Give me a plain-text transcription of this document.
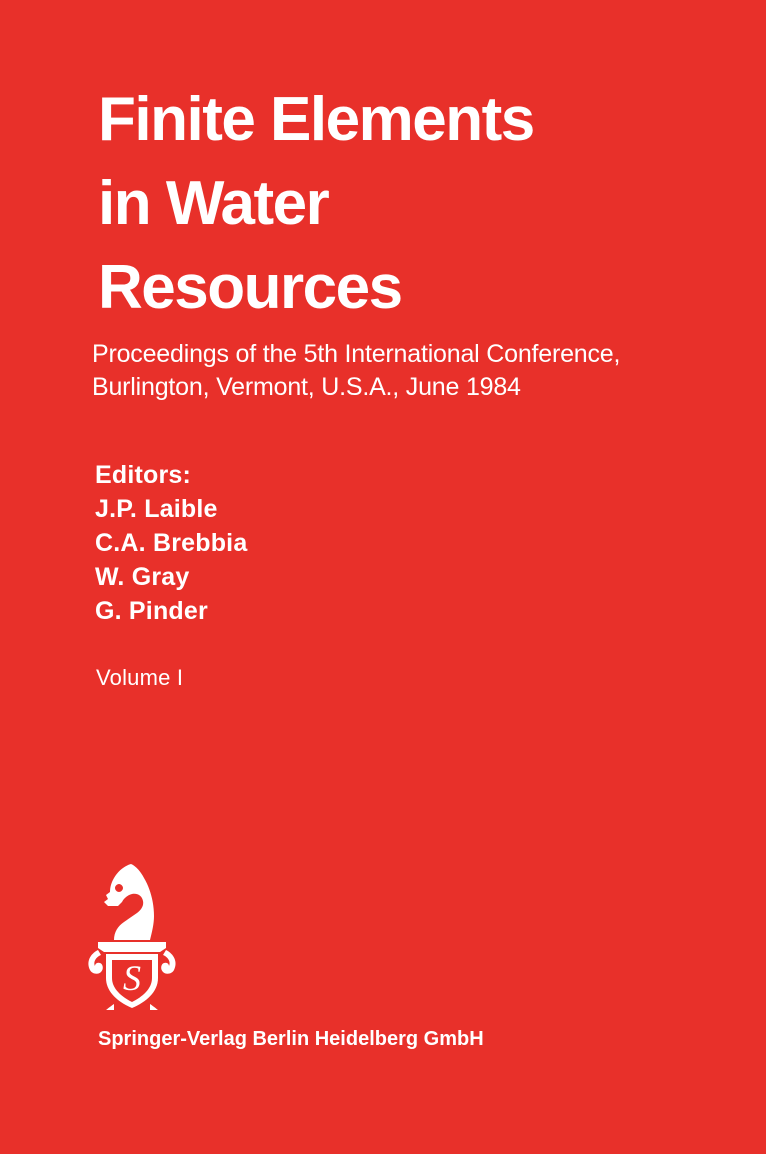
Finite Elements
in Water
Resources
Proceedings of the 5th International Conference,
Burlington, Vermont, U.S.A., June 1984
Editors:
J.P. Laible
C.A. Brebbia
W. Gray
G. Pinder
Volume I
S
Springer-Verlag Berlin Heidelberg GmbH
